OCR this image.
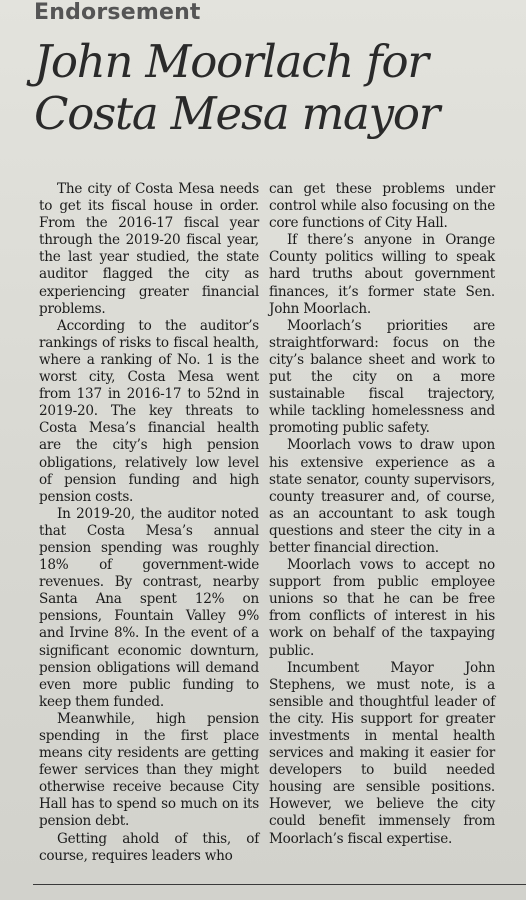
Endorsement
John Moorlach for
Costa Mesa mayor

The city of Costa Mesa needs to get its fiscal house in order. From the 2016-17 fiscal year through the 2019-20 fiscal year, the last year studied, the state auditor flagged the city as experiencing greater financial problems.

According to the auditor’s rankings of risks to fiscal health, where a ranking of No. 1 is the worst city, Costa Mesa went from 137 in 2016-17 to 52nd in 2019-20. The key threats to Costa Mesa’s financial health are the city’s high pension obligations, relatively low level of pension funding and high pension costs.

In 2019-20, the auditor noted that Costa Mesa’s annual pension spending was roughly 18% of government-wide revenues. By contrast, nearby Santa Ana spent 12% on pensions, Fountain Valley 9% and Irvine 8%. In the event of a significant economic downturn, pension obligations will demand even more public funding to keep them funded.

Meanwhile, high pension spending in the first place means city residents are getting fewer services than they might otherwise receive because City Hall has to spend so much on its pension debt.

Getting ahold of this, of course, requires leaders who

can get these problems under control while also focusing on the core functions of City Hall.

If there’s anyone in Orange County politics willing to speak hard truths about government finances, it’s former state Sen. John Moorlach.

Moorlach’s priorities are straightforward: focus on the city’s balance sheet and work to put the city on a more sustainable fiscal trajectory, while tackling homelessness and promoting public safety.

Moorlach vows to draw upon his extensive experience as a state senator, county supervisors, county treasurer and, of course, as an accountant to ask tough questions and steer the city in a better financial direction.

Moorlach vows to accept no support from public employee unions so that he can be free from conflicts of interest in his work on behalf of the taxpaying public.

Incumbent Mayor John Stephens, we must note, is a sensible and thoughtful leader of the city. His support for greater investments in mental health services and making it easier for developers to build needed housing are sensible positions. However, we believe the city could benefit immensely from Moorlach’s fiscal expertise.
